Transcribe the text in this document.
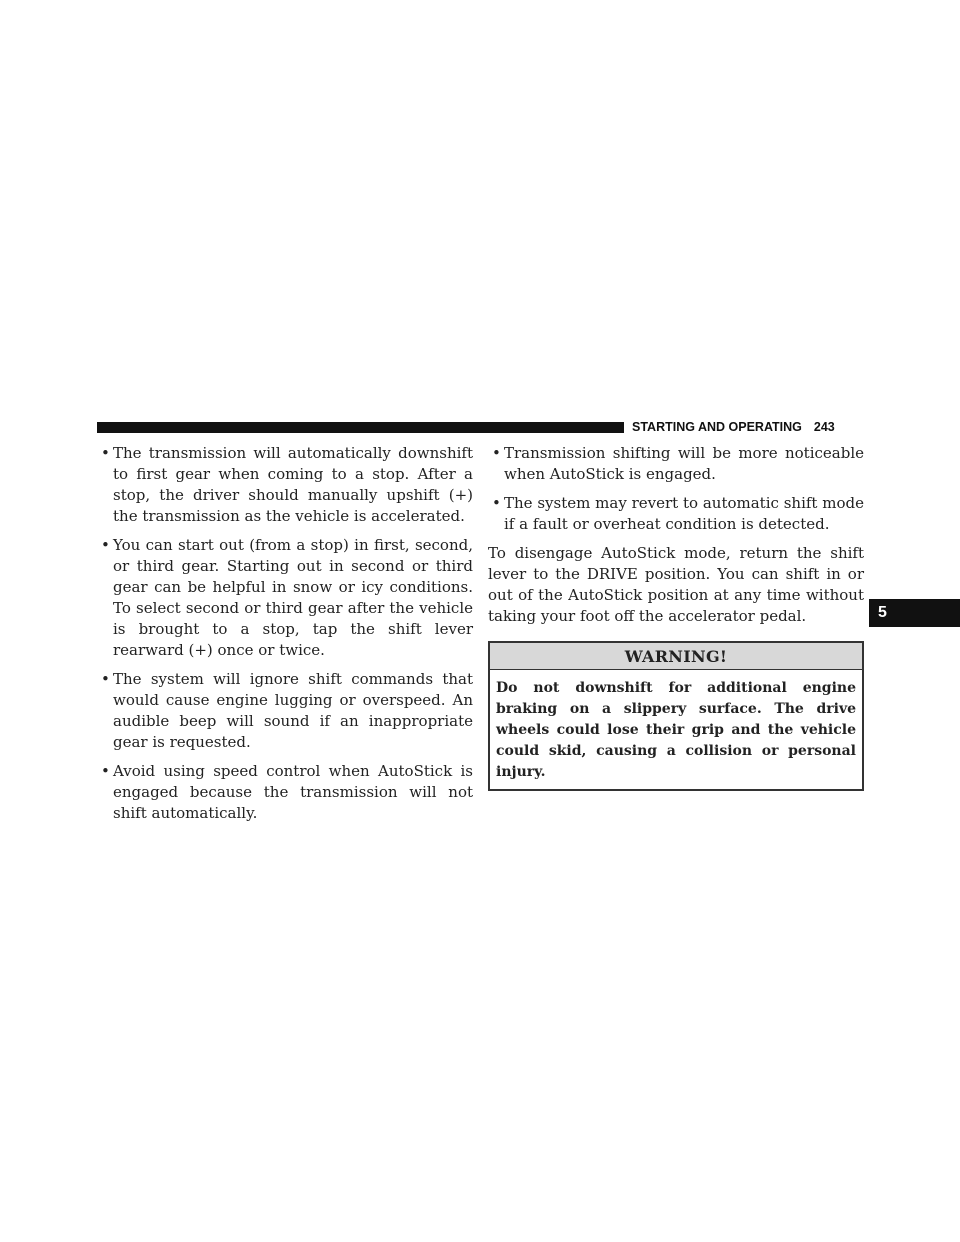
STARTING AND OPERATING 243
5
• The transmission will automatically downshift to first gear when coming to a stop. After a stop, the driver should manually upshift (+) the transmission as the vehicle is accelerated.
• You can start out (from a stop) in first, second, or third gear. Starting out in second or third gear can be helpful in snow or icy conditions. To select second or third gear after the vehicle is brought to a stop, tap the shift lever rearward (+) once or twice.
• The system will ignore shift commands that would cause engine lugging or overspeed. An audible beep will sound if an inappropriate gear is requested.
• Avoid using speed control when AutoStick is engaged because the transmission will not shift automatically.
• Transmission shifting will be more noticeable when AutoStick is engaged.
• The system may revert to automatic shift mode if a fault or overheat condition is detected.

To disengage AutoStick mode, return the shift lever to the DRIVE position. You can shift in or out of the AutoStick position at any time without taking your foot off the accelerator pedal.

WARNING!
Do not downshift for additional engine braking on a slippery surface. The drive wheels could lose their grip and the vehicle could skid, causing a collision or personal injury.
